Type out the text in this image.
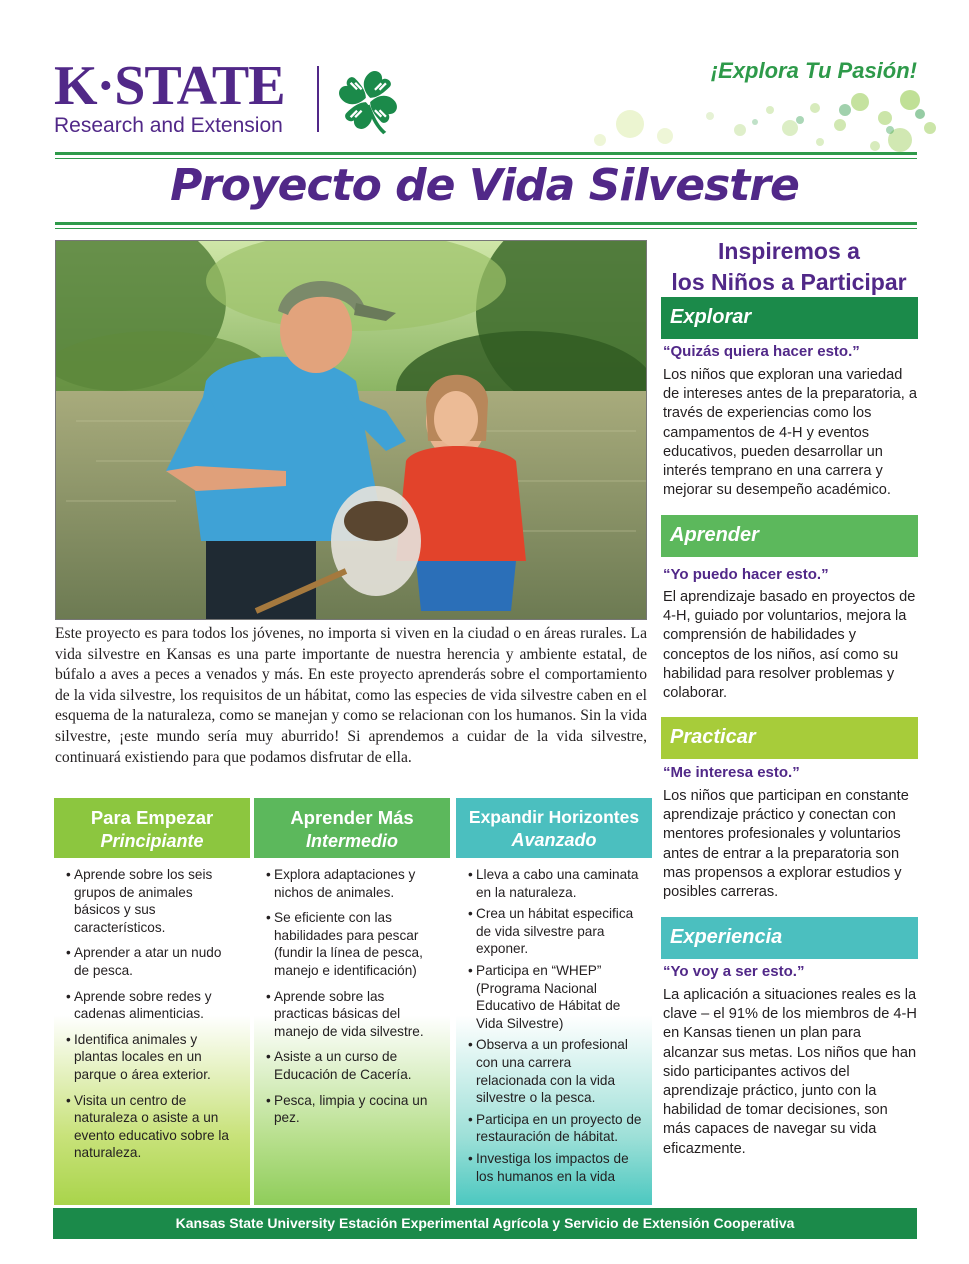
K·STATE
Research and Extension
¡Explora Tu Pasión!
Proyecto de Vida Silvestre

Este proyecto es para todos los jóvenes, no importa si viven en la ciudad o en áreas rurales. La vida silvestre en Kansas es una parte importante de nuestra herencia y ambiente estatal, de búfalo a aves a peces a venados y más. En este proyecto aprenderás sobre el comportamiento de la vida silvestre, los requisitos de un hábitat, como las especies de vida silvestre caben en el esquema de la naturaleza, como se manejan y como se relacionan con los humanos. Sin la vida silvestre, ¡este mundo sería muy aburrido! Si aprendemos a cuidar de la vida silvestre, continuará existiendo para que podamos disfrutar de ella.

Para Empezar
Principiante
• Aprende sobre los seis grupos de animales básicos y sus característicos.
• Aprender a atar un nudo de pesca.
• Aprende sobre redes y cadenas alimenticias.
• Identifica animales y plantas locales en un parque o área exterior.
• Visita un centro de naturaleza o asiste a un evento educativo sobre la naturaleza.
Aprender Más
Intermedio
• Explora adaptaciones y nichos de animales.
• Se eficiente con las habilidades para pescar (fundir la línea de pesca, manejo e identificación)
• Aprende sobre las practicas básicas del manejo de vida silvestre.
• Asiste a un curso de Educación de Cacería.
• Pesca, limpia y cocina un pez.
Expandir Horizontes
Avanzado
• Lleva a cabo una caminata en la naturaleza.
• Crea un hábitat especifica de vida silvestre para exponer.
• Participa en “WHEP” (Programa Nacional Educativo de Hábitat de Vida Silvestre)
• Observa a un profesional con una carrera relacionada con la vida silvestre o la pesca.
• Participa en un proyecto de restauración de hábitat.
• Investiga los impactos de los humanos en la vida
Inspiremos a
los Niños a Participar
Explorar
“Quizás quiera hacer esto.”

Los niños que exploran una variedad de intereses antes de la preparatoria, a través de experiencias como los campamentos de 4-H y eventos educativos, pueden desarrollar un interés temprano en una carrera y mejorar su desempeño académico.

Aprender
“Yo puedo hacer esto.”

El aprendizaje basado en proyectos de 4-H, guiado por voluntarios, mejora la comprensión de habilidades y conceptos de los niños, así como su habilidad para resolver problemas y colaborar.

Practicar
“Me interesa esto.”

Los niños que participan en constante aprendizaje práctico y conectan con mentores profesionales y voluntarios antes de entrar a la preparatoria son mas propensos a explorar estudios y posibles carreras.

Experiencia
“Yo voy a ser esto.”

La aplicación a situaciones reales es la clave – el 91% de los miembros de 4-H en Kansas tienen un plan para alcanzar sus metas. Los niños que han sido participantes activos del aprendizaje práctico, junto con la habilidad de tomar decisiones, son más capaces de navegar su vida eficazmente.

Kansas State University Estación Experimental Agrícola y Servicio de Extensión Cooperativa
